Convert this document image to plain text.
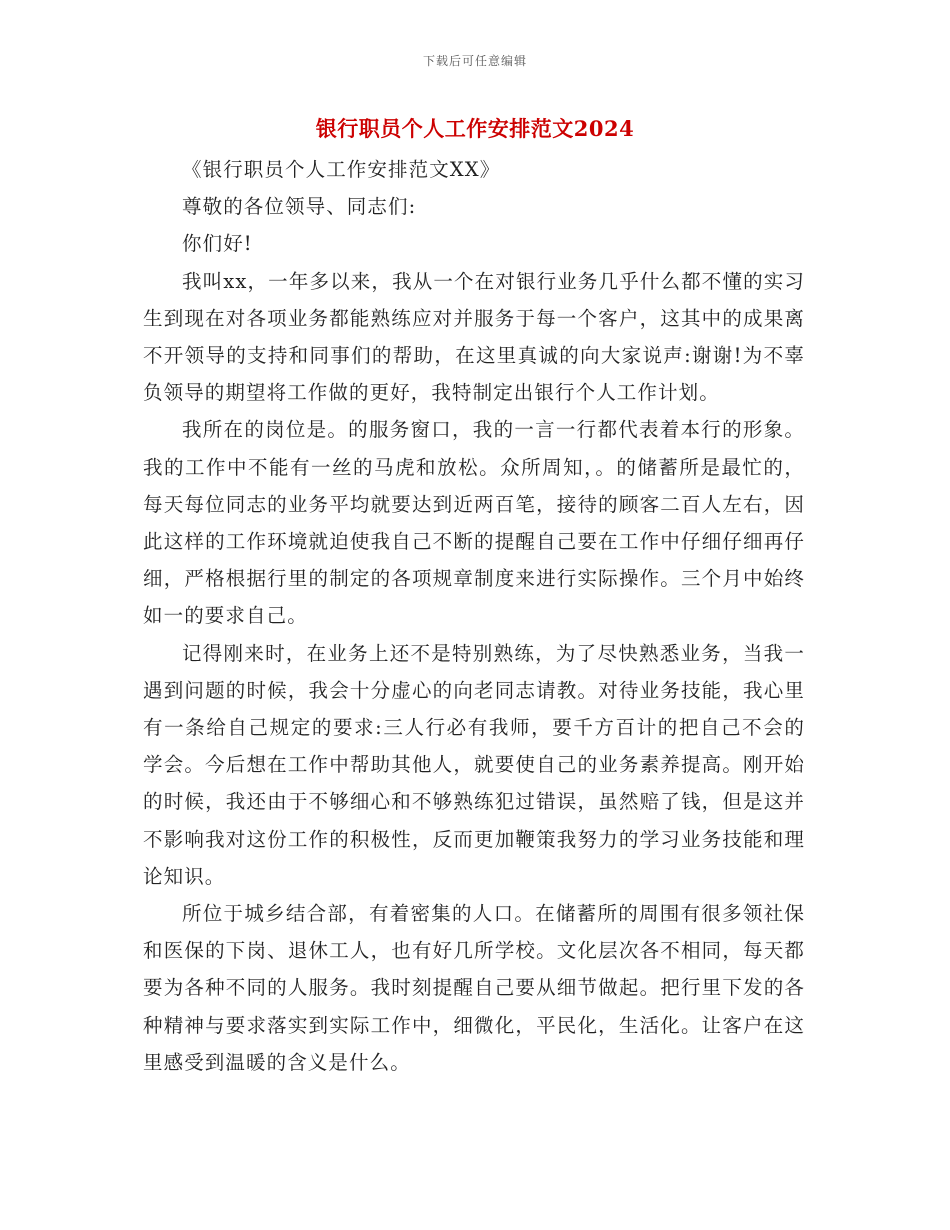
下载后可任意编辑
银行职员个人工作安排范文2024

《银行职员个人工作安排范文XX》

尊敬的各位领导、同志们:

你们好!

我叫xx，一年多以来，我从一个在对银行业务几乎什么都不懂的实习生到现在对各项业务都能熟练应对并服务于每一个客户，这其中的成果离不开领导的支持和同事们的帮助，在这里真诚的向大家说声:谢谢!为不辜负领导的期望将工作做的更好，我特制定出银行个人工作计划。

我所在的岗位是。的服务窗口，我的一言一行都代表着本行的形象。我的工作中不能有一丝的马虎和放松。众所周知，。的储蓄所是最忙的，每天每位同志的业务平均就要达到近两百笔，接待的顾客二百人左右，因此这样的工作环境就迫使我自己不断的提醒自己要在工作中仔细仔细再仔细，严格根据行里的制定的各项规章制度来进行实际操作。三个月中始终如一的要求自己。

记得刚来时，在业务上还不是特别熟练，为了尽快熟悉业务，当我一遇到问题的时候，我会十分虚心的向老同志请教。对待业务技能，我心里有一条给自己规定的要求:三人行必有我师，要千方百计的把自己不会的学会。今后想在工作中帮助其他人，就要使自己的业务素养提高。刚开始的时候，我还由于不够细心和不够熟练犯过错误，虽然赔了钱，但是这并不影响我对这份工作的积极性，反而更加鞭策我努力的学习业务技能和理论知识。

所位于城乡结合部，有着密集的人口。在储蓄所的周围有很多领社保和医保的下岗、退休工人，也有好几所学校。文化层次各不相同，每天都要为各种不同的人服务。我时刻提醒自己要从细节做起。把行里下发的各种精神与要求落实到实际工作中，细微化，平民化，生活化。让客户在这里感受到温暖的含义是什么。
